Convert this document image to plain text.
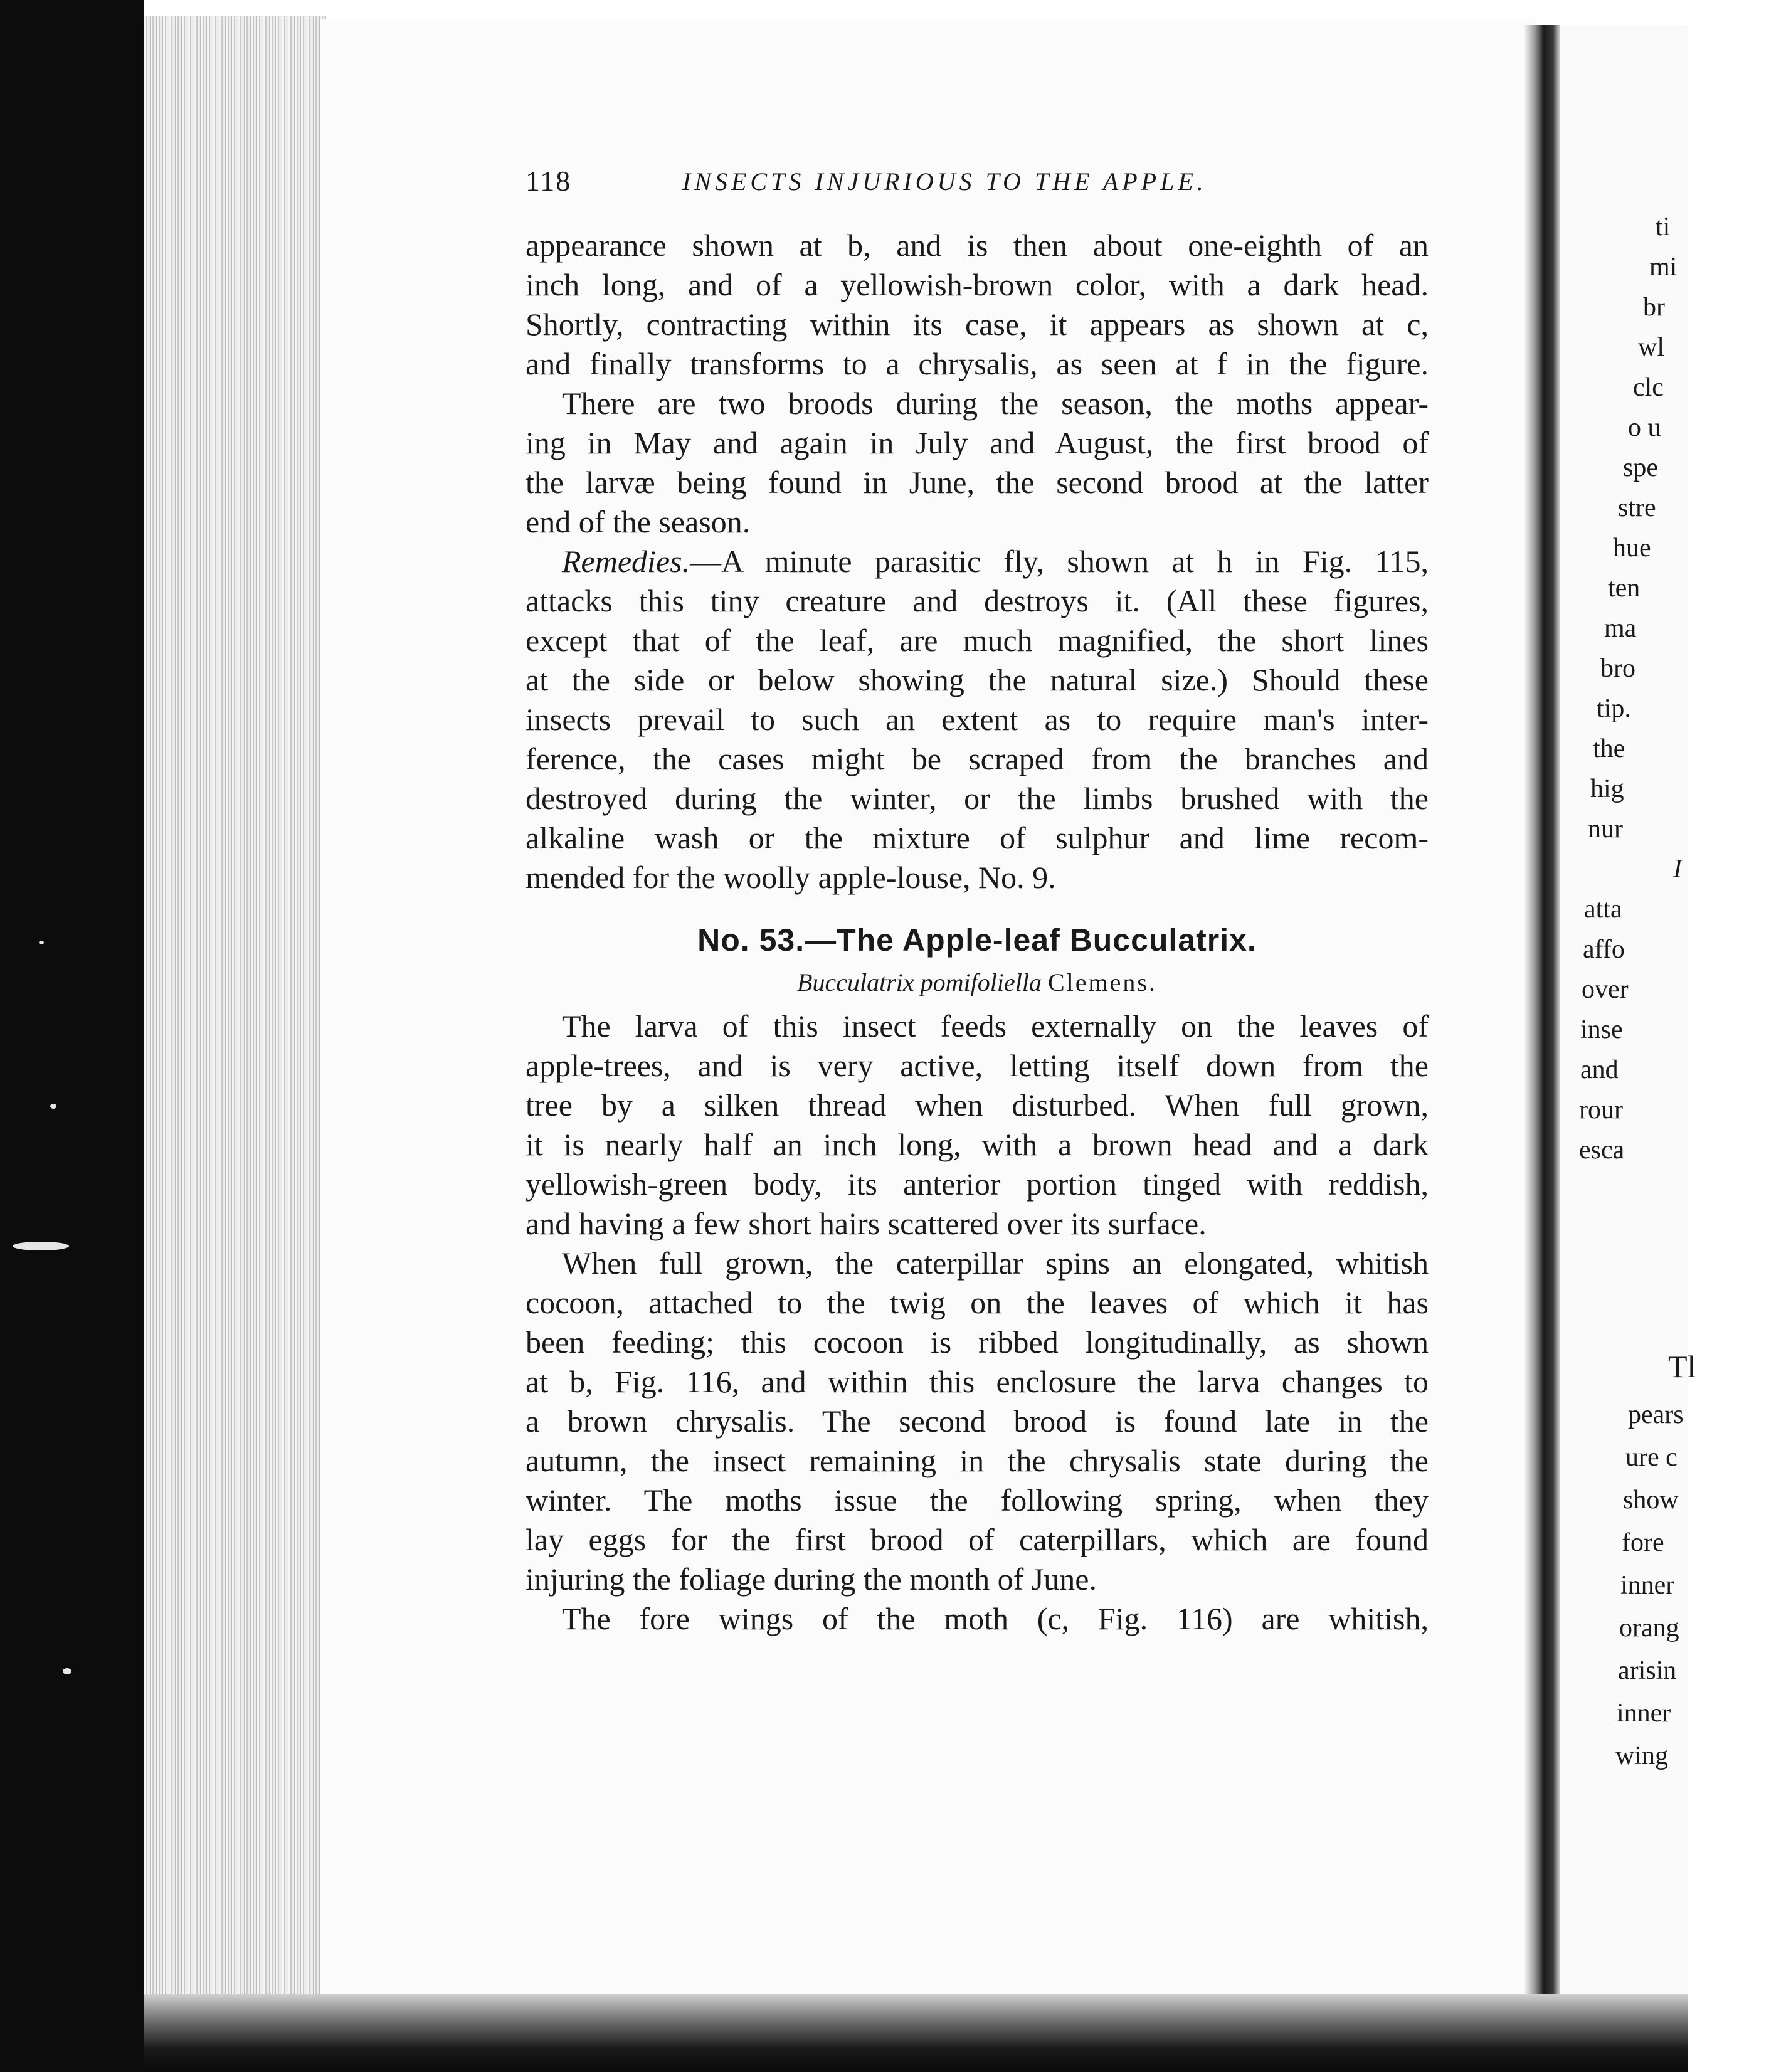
118	INSECTS INJURIOUS TO THE APPLE.
appearance shown at b, and is then about one-eighth of an
inch long, and of a yellowish-brown color, with a dark head.
Shortly, contracting within its case, it appears as shown at c,
and finally transforms to a chrysalis, as seen at f in the figure.
There are two broods during the season, the moths appear-
ing in May and again in July and August, the first brood of
the larvæ being found in June, the second brood at the latter
end of the season.
Remedies.—A minute parasitic fly, shown at h in Fig. 115,
attacks this tiny creature and destroys it. (All these figures,
except that of the leaf, are much magnified, the short lines
at the side or below showing the natural size.) Should these
insects prevail to such an extent as to require man's inter-
ference, the cases might be scraped from the branches and
destroyed during the winter, or the limbs brushed with the
alkaline wash or the mixture of sulphur and lime recom-
mended for the woolly apple-louse, No. 9.
No. 53.—The Apple-leaf Bucculatrix.
Bucculatrix pomifoliella Clemens.
The larva of this insect feeds externally on the leaves of
apple-trees, and is very active, letting itself down from the
tree by a silken thread when disturbed. When full grown,
it is nearly half an inch long, with a brown head and a dark
yellowish-green body, its anterior portion tinged with reddish,
and having a few short hairs scattered over its surface.
When full grown, the caterpillar spins an elongated, whitish
cocoon, attached to the twig on the leaves of which it has
been feeding; this cocoon is ribbed longitudinally, as shown
at b, Fig. 116, and within this enclosure the larva changes to
a brown chrysalis. The second brood is found late in the
autumn, the insect remaining in the chrysalis state during the
winter. The moths issue the following spring, when they
lay eggs for the first brood of caterpillars, which are found
injuring the foliage during the month of June.
The fore wings of the moth (c, Fig. 116) are whitish,
ti
mi
br
wl
clc
o u
spe
stre
hue
ten
ma
bro
tip.
the
hig
nur
I
atta
affo
over
inse
and
rour
esca
Tl
pears
ure c
show
fore
inner
orang
arisin
inner
wing
